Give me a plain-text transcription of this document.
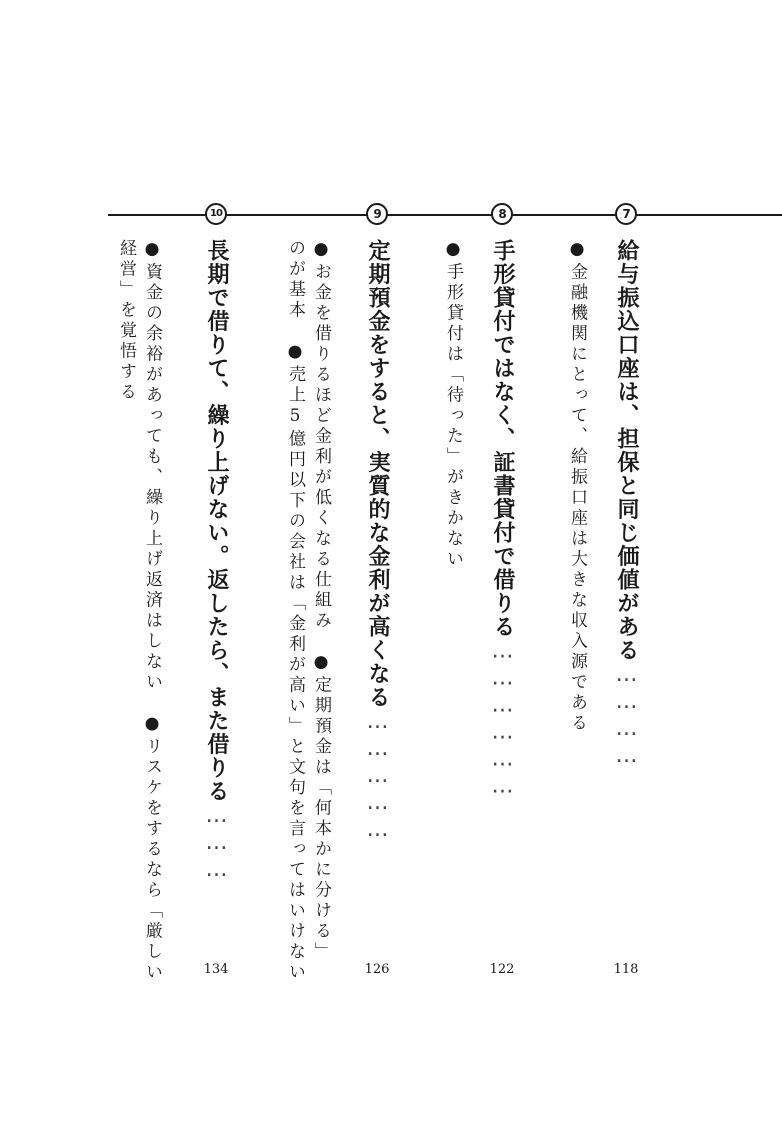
7
給与振込口座は、担保と同じ価値がある…………
118
●金融機関にとって、給振口座は大きな収入源である
8
手形貸付ではなく、証書貸付で借りる………………
122
●手形貸付は「待った」がきかない
9
定期預金をすると、実質的な金利が高くなる……………
126
●お金を借りるほど金利が低くなる仕組み　●定期預金は「何本かに分ける」
のが基本　●売上5億円以下の会社は「金利が高い」と文句を言ってはいけない
10
長期で借りて、繰り上げない。返したら、また借りる………
134
●資金の余裕があっても、繰り上げ返済はしない　●リスケをするなら「厳しい
経営」を覚悟する
